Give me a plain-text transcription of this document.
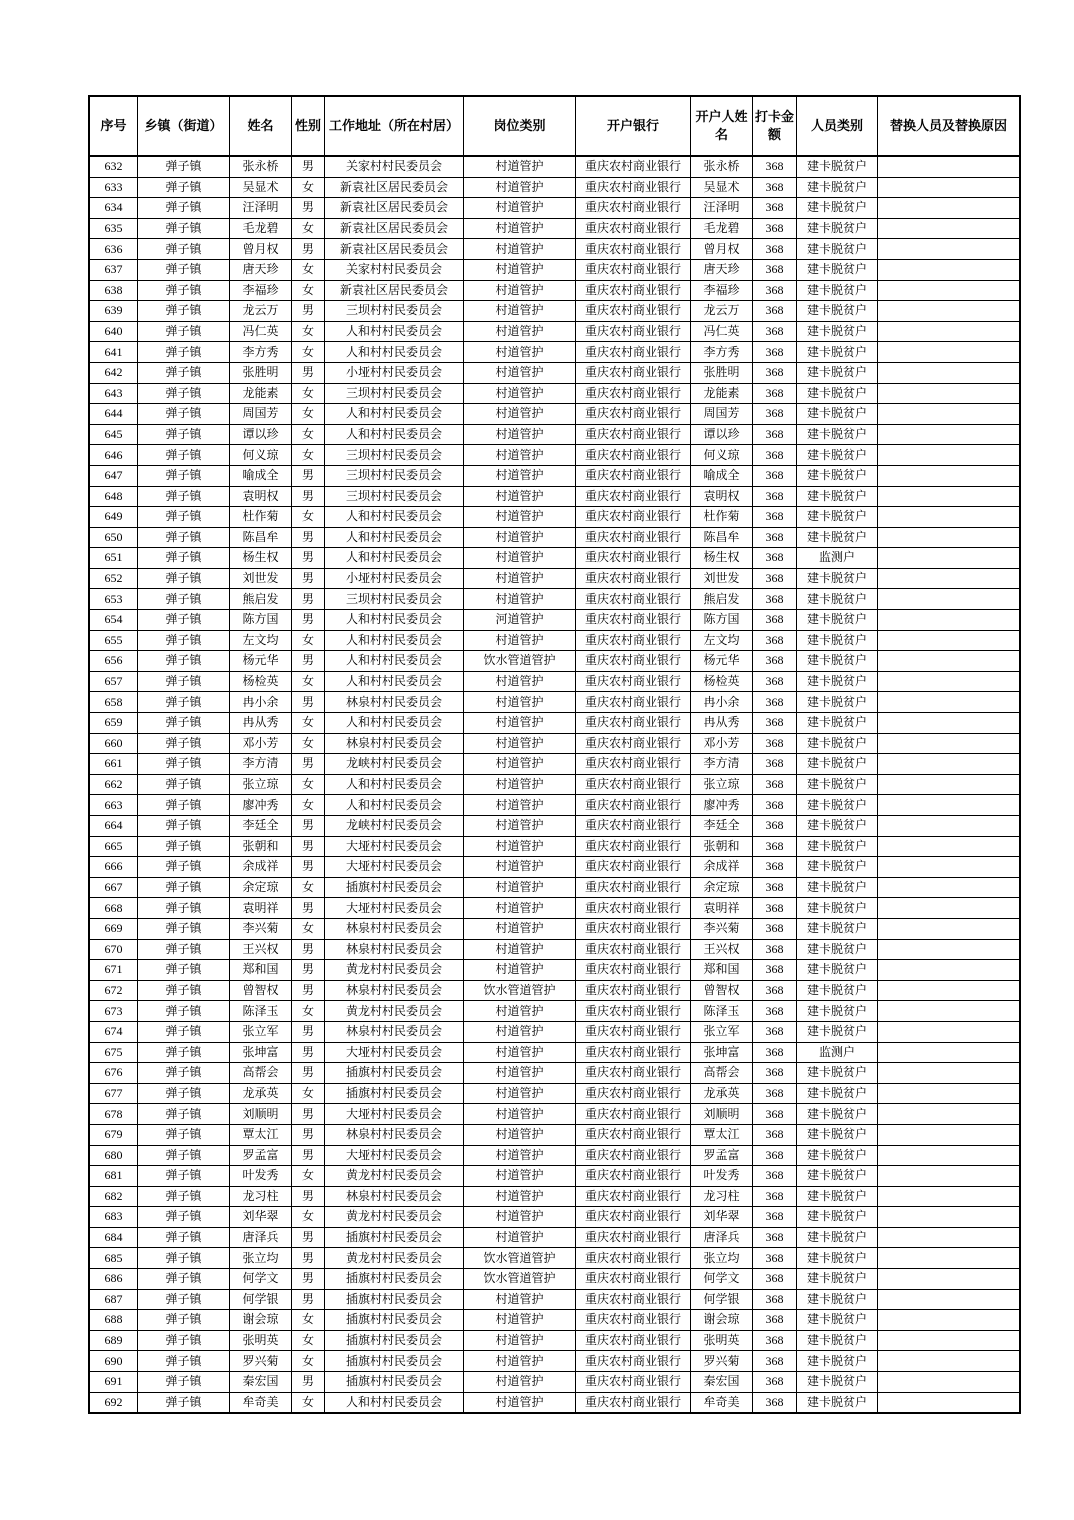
序号	乡镇（街道）	姓名	性别	工作地址（所在村居）	岗位类别	开户银行	开户人姓名	打卡金额	人员类别	替换人员及替换原因
632	弹子镇	张永桥	男	关家村村民委员会	村道管护	重庆农村商业银行	张永桥	368	建卡脱贫户	
633	弹子镇	吴显术	女	新袁社区居民委员会	村道管护	重庆农村商业银行	吴显术	368	建卡脱贫户	
634	弹子镇	汪泽明	男	新袁社区居民委员会	村道管护	重庆农村商业银行	汪泽明	368	建卡脱贫户	
635	弹子镇	毛龙碧	女	新袁社区居民委员会	村道管护	重庆农村商业银行	毛龙碧	368	建卡脱贫户	
636	弹子镇	曾月权	男	新袁社区居民委员会	村道管护	重庆农村商业银行	曾月权	368	建卡脱贫户	
637	弹子镇	唐天珍	女	关家村村民委员会	村道管护	重庆农村商业银行	唐天珍	368	建卡脱贫户	
638	弹子镇	李福珍	女	新袁社区居民委员会	村道管护	重庆农村商业银行	李福珍	368	建卡脱贫户	
639	弹子镇	龙云万	男	三坝村村民委员会	村道管护	重庆农村商业银行	龙云万	368	建卡脱贫户	
640	弹子镇	冯仁英	女	人和村村民委员会	村道管护	重庆农村商业银行	冯仁英	368	建卡脱贫户	
641	弹子镇	李方秀	女	人和村村民委员会	村道管护	重庆农村商业银行	李方秀	368	建卡脱贫户	
642	弹子镇	张胜明	男	小垭村村民委员会	村道管护	重庆农村商业银行	张胜明	368	建卡脱贫户	
643	弹子镇	龙能素	女	三坝村村民委员会	村道管护	重庆农村商业银行	龙能素	368	建卡脱贫户	
644	弹子镇	周国芳	女	人和村村民委员会	村道管护	重庆农村商业银行	周国芳	368	建卡脱贫户	
645	弹子镇	谭以珍	女	人和村村民委员会	村道管护	重庆农村商业银行	谭以珍	368	建卡脱贫户	
646	弹子镇	何义琼	女	三坝村村民委员会	村道管护	重庆农村商业银行	何义琼	368	建卡脱贫户	
647	弹子镇	喻成全	男	三坝村村民委员会	村道管护	重庆农村商业银行	喻成全	368	建卡脱贫户	
648	弹子镇	袁明权	男	三坝村村民委员会	村道管护	重庆农村商业银行	袁明权	368	建卡脱贫户	
649	弹子镇	杜作菊	女	人和村村民委员会	村道管护	重庆农村商业银行	杜作菊	368	建卡脱贫户	
650	弹子镇	陈昌牟	男	人和村村民委员会	村道管护	重庆农村商业银行	陈昌牟	368	建卡脱贫户	
651	弹子镇	杨生权	男	人和村村民委员会	村道管护	重庆农村商业银行	杨生权	368	监测户	
652	弹子镇	刘世发	男	小垭村村民委员会	村道管护	重庆农村商业银行	刘世发	368	建卡脱贫户	
653	弹子镇	熊启发	男	三坝村村民委员会	村道管护	重庆农村商业银行	熊启发	368	建卡脱贫户	
654	弹子镇	陈方国	男	人和村村民委员会	河道管护	重庆农村商业银行	陈方国	368	建卡脱贫户	
655	弹子镇	左文均	女	人和村村民委员会	村道管护	重庆农村商业银行	左文均	368	建卡脱贫户	
656	弹子镇	杨元华	男	人和村村民委员会	饮水管道管护	重庆农村商业银行	杨元华	368	建卡脱贫户	
657	弹子镇	杨检英	女	人和村村民委员会	村道管护	重庆农村商业银行	杨检英	368	建卡脱贫户	
658	弹子镇	冉小余	男	林泉村村民委员会	村道管护	重庆农村商业银行	冉小余	368	建卡脱贫户	
659	弹子镇	冉从秀	女	人和村村民委员会	村道管护	重庆农村商业银行	冉从秀	368	建卡脱贫户	
660	弹子镇	邓小芳	女	林泉村村民委员会	村道管护	重庆农村商业银行	邓小芳	368	建卡脱贫户	
661	弹子镇	李方清	男	龙峡村村民委员会	村道管护	重庆农村商业银行	李方清	368	建卡脱贫户	
662	弹子镇	张立琼	女	人和村村民委员会	村道管护	重庆农村商业银行	张立琼	368	建卡脱贫户	
663	弹子镇	廖冲秀	女	人和村村民委员会	村道管护	重庆农村商业银行	廖冲秀	368	建卡脱贫户	
664	弹子镇	李廷全	男	龙峡村村民委员会	村道管护	重庆农村商业银行	李廷全	368	建卡脱贫户	
665	弹子镇	张朝和	男	大垭村村民委员会	村道管护	重庆农村商业银行	张朝和	368	建卡脱贫户	
666	弹子镇	余成祥	男	大垭村村民委员会	村道管护	重庆农村商业银行	余成祥	368	建卡脱贫户	
667	弹子镇	余定琼	女	插旗村村民委员会	村道管护	重庆农村商业银行	余定琼	368	建卡脱贫户	
668	弹子镇	袁明祥	男	大垭村村民委员会	村道管护	重庆农村商业银行	袁明祥	368	建卡脱贫户	
669	弹子镇	李兴菊	女	林泉村村民委员会	村道管护	重庆农村商业银行	李兴菊	368	建卡脱贫户	
670	弹子镇	王兴权	男	林泉村村民委员会	村道管护	重庆农村商业银行	王兴权	368	建卡脱贫户	
671	弹子镇	郑和国	男	黄龙村村民委员会	村道管护	重庆农村商业银行	郑和国	368	建卡脱贫户	
672	弹子镇	曾智权	男	林泉村村民委员会	饮水管道管护	重庆农村商业银行	曾智权	368	建卡脱贫户	
673	弹子镇	陈泽玉	女	黄龙村村民委员会	村道管护	重庆农村商业银行	陈泽玉	368	建卡脱贫户	
674	弹子镇	张立军	男	林泉村村民委员会	村道管护	重庆农村商业银行	张立军	368	建卡脱贫户	
675	弹子镇	张坤富	男	大垭村村民委员会	村道管护	重庆农村商业银行	张坤富	368	监测户	
676	弹子镇	高帮会	男	插旗村村民委员会	村道管护	重庆农村商业银行	高帮会	368	建卡脱贫户	
677	弹子镇	龙承英	女	插旗村村民委员会	村道管护	重庆农村商业银行	龙承英	368	建卡脱贫户	
678	弹子镇	刘顺明	男	大垭村村民委员会	村道管护	重庆农村商业银行	刘顺明	368	建卡脱贫户	
679	弹子镇	覃太江	男	林泉村村民委员会	村道管护	重庆农村商业银行	覃太江	368	建卡脱贫户	
680	弹子镇	罗孟富	男	大垭村村民委员会	村道管护	重庆农村商业银行	罗孟富	368	建卡脱贫户	
681	弹子镇	叶发秀	女	黄龙村村民委员会	村道管护	重庆农村商业银行	叶发秀	368	建卡脱贫户	
682	弹子镇	龙习柱	男	林泉村村民委员会	村道管护	重庆农村商业银行	龙习柱	368	建卡脱贫户	
683	弹子镇	刘华翠	女	黄龙村村民委员会	村道管护	重庆农村商业银行	刘华翠	368	建卡脱贫户	
684	弹子镇	唐泽兵	男	插旗村村民委员会	村道管护	重庆农村商业银行	唐泽兵	368	建卡脱贫户	
685	弹子镇	张立均	男	黄龙村村民委员会	饮水管道管护	重庆农村商业银行	张立均	368	建卡脱贫户	
686	弹子镇	何学文	男	插旗村村民委员会	饮水管道管护	重庆农村商业银行	何学文	368	建卡脱贫户	
687	弹子镇	何学银	男	插旗村村民委员会	村道管护	重庆农村商业银行	何学银	368	建卡脱贫户	
688	弹子镇	谢会琼	女	插旗村村民委员会	村道管护	重庆农村商业银行	谢会琼	368	建卡脱贫户	
689	弹子镇	张明英	女	插旗村村民委员会	村道管护	重庆农村商业银行	张明英	368	建卡脱贫户	
690	弹子镇	罗兴菊	女	插旗村村民委员会	村道管护	重庆农村商业银行	罗兴菊	368	建卡脱贫户	
691	弹子镇	秦宏国	男	插旗村村民委员会	村道管护	重庆农村商业银行	秦宏国	368	建卡脱贫户	
692	弹子镇	牟奇美	女	人和村村民委员会	村道管护	重庆农村商业银行	牟奇美	368	建卡脱贫户	
